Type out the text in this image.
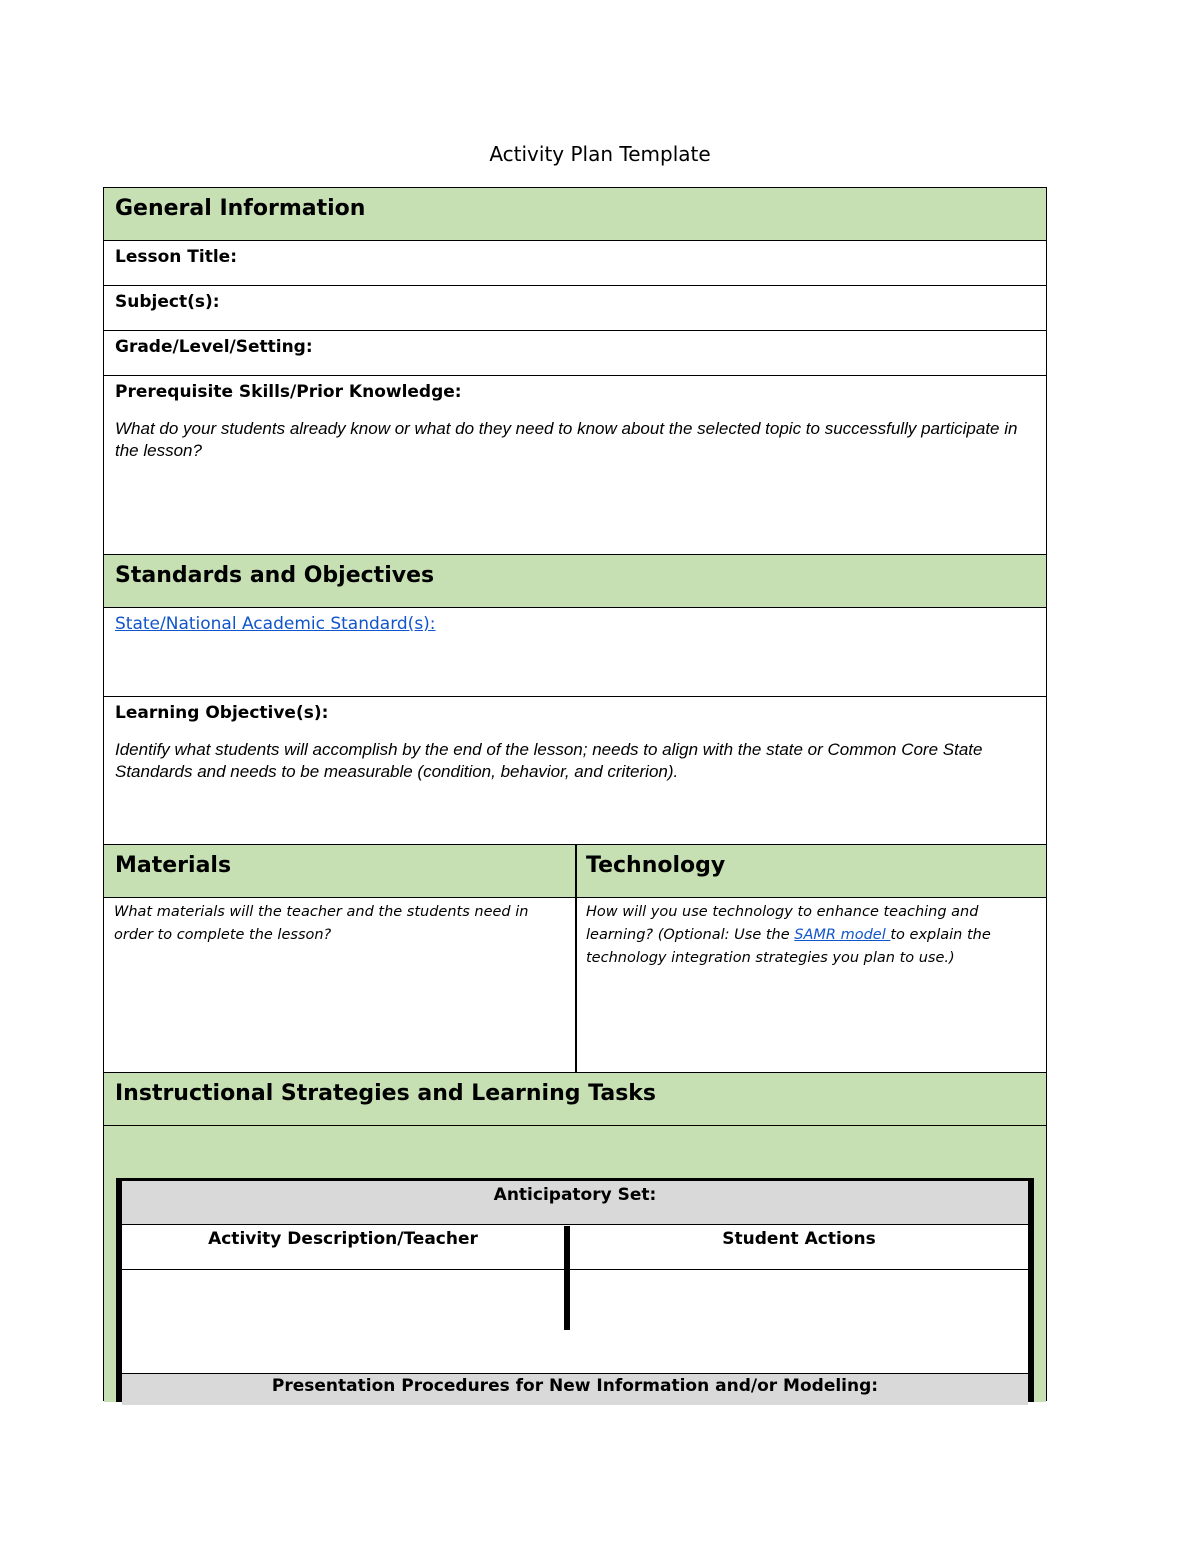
Activity Plan Template
General Information
Lesson Title:
Subject(s):
Grade/Level/Setting:
Prerequisite Skills/Prior Knowledge:
What do your students already know or what do they need to know about the selected topic to successfully participate in the lesson?
Standards and Objectives
State/National Academic Standard(s):
Learning Objective(s):
Identify what students will accomplish by the end of the lesson; needs to align with the state or Common Core State Standards and needs to be measurable (condition, behavior, and criterion).
Materials	Technology
What materials will the teacher and the students need in order to complete the lesson?
How will you use technology to enhance teaching and learning? (Optional: Use the SAMR model to explain the technology integration strategies you plan to use.)
Instructional Strategies and Learning Tasks
Anticipatory Set:
Activity Description/Teacher	Student Actions
Presentation Procedures for New Information and/or Modeling:
